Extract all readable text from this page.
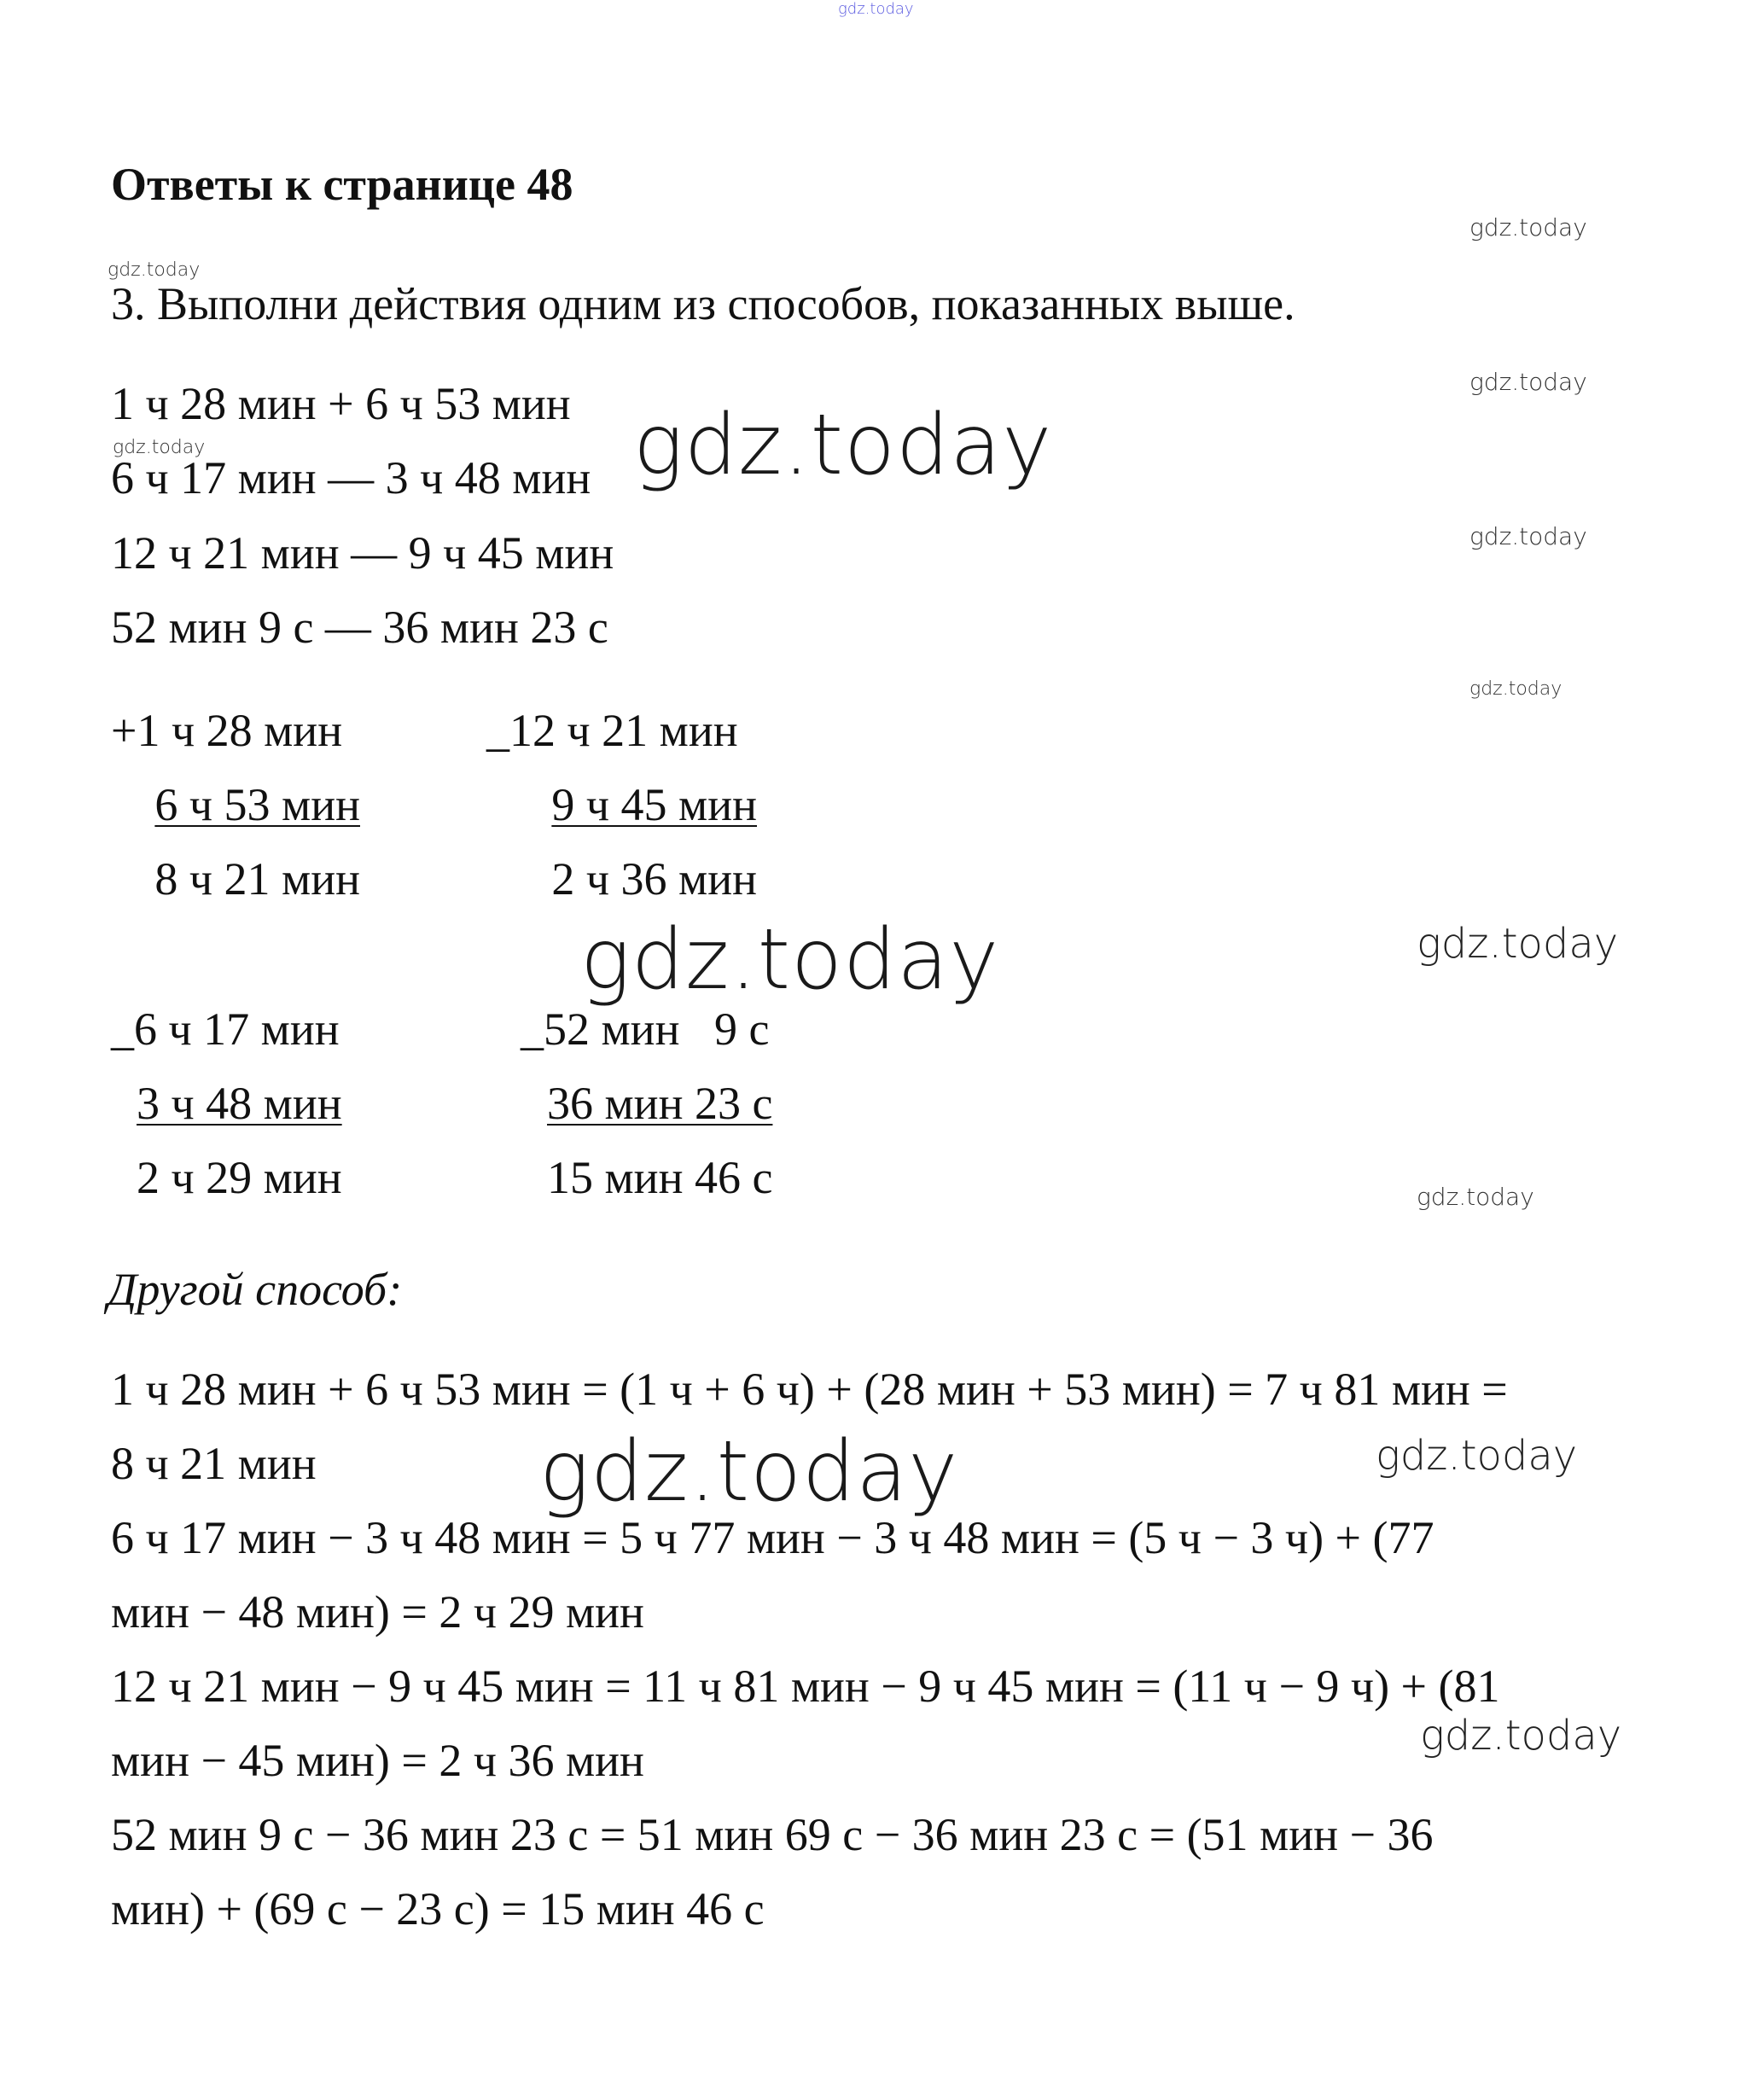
gdz.today
Ответы к странице 48
gdz.today
gdz.today
3. Выполни действия одним из способов, показанных выше.
gdz.today
1 ч 28 мин + 6 ч 53 мин
gdz.today
6 ч 17 мин — 3 ч 48 мин gdz.today
gdz.today
12 ч 21 мин — 9 ч 45 мин
52 мин 9 с — 36 мин 23 с
gdz.today
+1 ч 28 мин	_12 ч 21 мин
6 ч 53 мин	9 ч 45 мин
8 ч 21 мин	2 ч 36 мин
gdz.today
gdz.today
_6 ч 17 мин	_52 мин   9 с
3 ч 48 мин	36 мин 23 с
2 ч 29 мин	15 мин 46 с	gdz.today
Другой способ:
1 ч 28 мин + 6 ч 53 мин = (1 ч + 6 ч) + (28 мин + 53 мин) = 7 ч 81 мин =
8 ч 21 мин	gdz.today
gdz.today
6 ч 17 мин − 3 ч 48 мин = 5 ч 77 мин − 3 ч 48 мин = (5 ч − 3 ч) + (77
мин − 48 мин) = 2 ч 29 мин
12 ч 21 мин − 9 ч 45 мин = 11 ч 81 мин − 9 ч 45 мин = (11 ч − 9 ч) + (81
gdz.today
мин − 45 мин) = 2 ч 36 мин
52 мин 9 с − 36 мин 23 с = 51 мин 69 с − 36 мин 23 с = (51 мин − 36
мин) + (69 с − 23 с) = 15 мин 46 с
